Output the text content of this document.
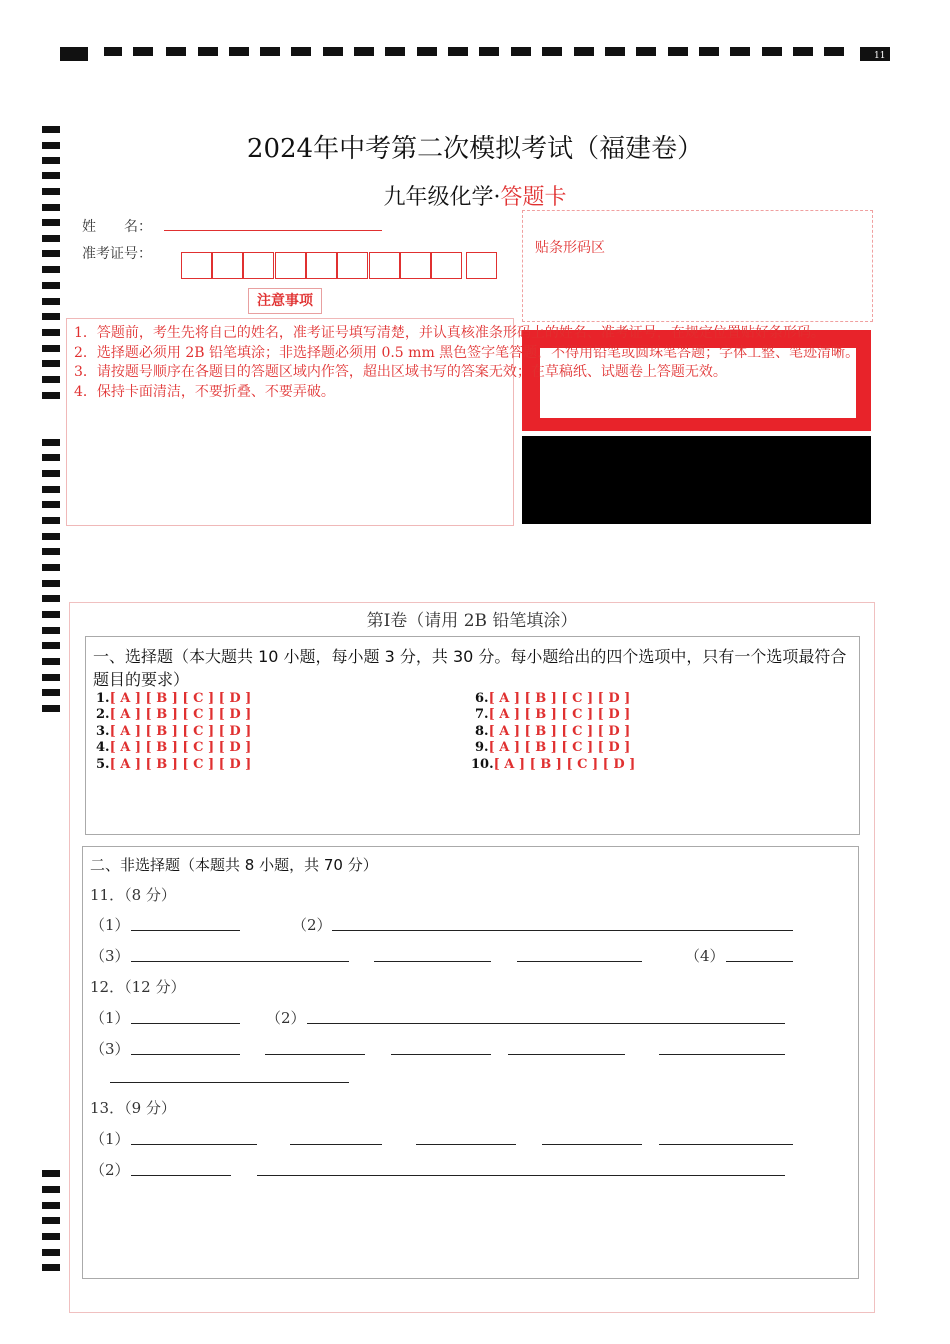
11
2024年中考第二次模拟考试（福建卷）
九年级化学·答题卡
姓　　名：
准考证号：	贴条形码区
注意事项
1．答题前，考生先将自己的姓名，准考证号填写清楚，并认真核准条形码上的姓名、准考证号，在规定位置贴好条形码。
2．选择题必须用 2B 铅笔填涂；非选择题必须用 0.5 mm 黑色签字笔答题，不得用铅笔或圆珠笔答题；字体工整、笔迹清晰。
3．请按题号顺序在各题目的答题区域内作答，超出区域书写的答案无效；在草稿纸、试题卷上答题无效。
4．保持卡面清洁，不要折叠、不要弄破。
第Ⅰ卷（请用 2B 铅笔填涂）
一、选择题（本大题共 10 小题，每小题 3 分，共 30 分。每小题给出的四个选项中，只有一个选项最符合题目的要求）
1.[ A ] [ B ] [ C ] [ D ]
2.[ A ] [ B ] [ C ] [ D ]
3.[ A ] [ B ] [ C ] [ D ]
4.[ A ] [ B ] [ C ] [ D ]
5.[ A ] [ B ] [ C ] [ D ]
6.[ A ] [ B ] [ C ] [ D ]
7.[ A ] [ B ] [ C ] [ D ]
8.[ A ] [ B ] [ C ] [ D ]
9.[ A ] [ B ] [ C ] [ D ]
10.[ A ] [ B ] [ C ] [ D ]
二、非选择题（本题共 8 小题，共 70 分）
11．（8 分）
（1）	（2）
（3）	（4）
12．（12 分）
（1）	（2）
（3）
13．（9 分）
（1）
（2）
